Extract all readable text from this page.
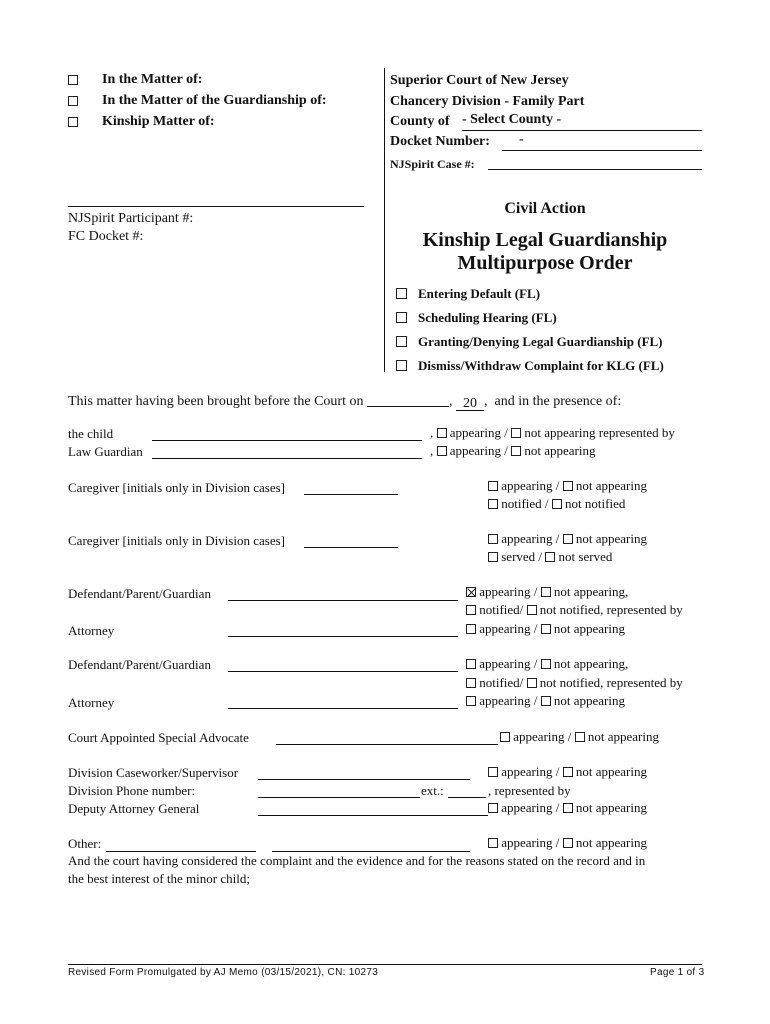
In the Matter of:
In the Matter of the Guardianship of:
Kinship Matter of:
Superior Court of New Jersey
Chancery Division - Family Part
County of - Select County -
Docket Number: -
NJSpirit Case #:
NJSpirit Participant #:
FC Docket #:
Civil Action
Kinship Legal Guardianship
Multipurpose Order
Entering Default (FL)
Scheduling Hearing (FL)
Granting/Denying Legal Guardianship (FL)
Dismiss/Withdraw Complaint for KLG (FL)
This matter having been brought before the Court on	, 20 ,  and in the presence of:
the child	,  appearing / not appearing represented by
Law Guardian	,  appearing / not appearing
Caregiver [initials only in Division cases]	appearing / not appearing
notified / not notified
Caregiver [initials only in Division cases]	appearing / not appearing
served / not served
Defendant/Parent/Guardian	appearing / not appearing,
notified/ not notified, represented by
Attorney	appearing / not appearing
Defendant/Parent/Guardian	appearing / not appearing,
notified/ not notified, represented by
Attorney	appearing / not appearing
Court Appointed Special Advocate	appearing / not appearing
Division Caseworker/Supervisor	appearing / not appearing
Division Phone number:	ext.:	, represented by
Deputy Attorney General	appearing / not appearing
Other:	appearing / not appearing
And the court having considered the complaint and the evidence and for the reasons stated on the record and in
the best interest of the minor child;
Revised Form Promulgated by AJ Memo (03/15/2021), CN: 10273	Page 1 of 3
